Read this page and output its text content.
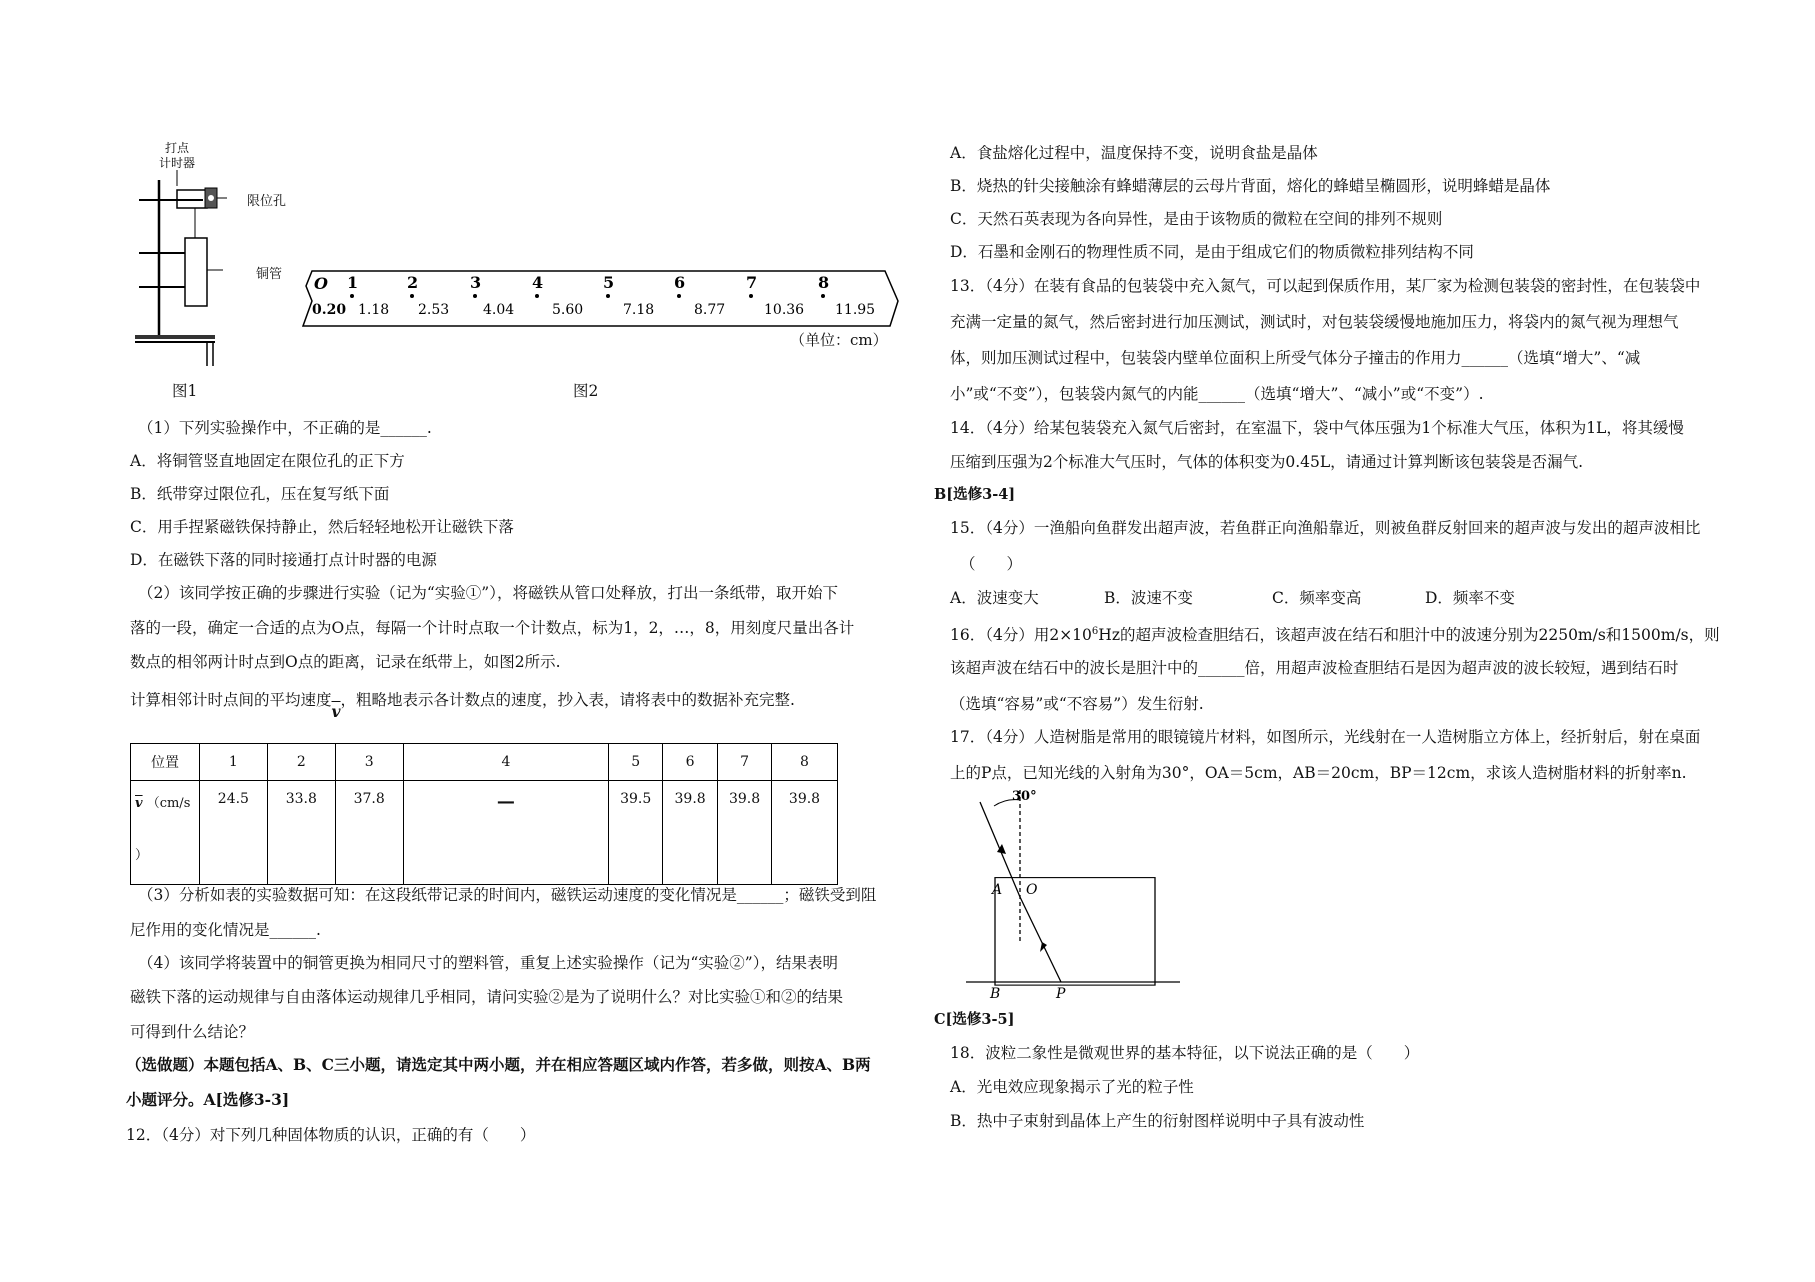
打点
计时器
限位孔
铜管
图1
O 1	2	3	4	5	6	7	8
0.20 1.18 2.53 4.04	5.60	7.18	8.77	10.36 11.95
（单位：cm）
图2
（1）下列实验操作中，不正确的是______.
A．将铜管竖直地固定在限位孔的正下方
B．纸带穿过限位孔，压在复写纸下面
C．用手捏紧磁铁保持静止，然后轻轻地松开让磁铁下落
D．在磁铁下落的同时接通打点计时器的电源
（2）该同学按正确的步骤进行实验（记为“实验①”），将磁铁从管口处释放，打出一条纸带，取开始下
落的一段，确定一合适的点为O点，每隔一个计时点取一个计数点，标为1，2，…，8，用刻度尺量出各计
数点的相邻两计时点到O点的距离，记录在纸带上，如图2所示.
计算相邻计时点间的平均速度$\overline{v}$，粗略地表示各计数点的速度，抄入表，请将表中的数据补充完整.
位置	1	2	3	4	5	6	7	8
$\overline{v}$ （cm/s

）	24.5	33.8	37.8	—	39.5	39.8	39.8	39.8
（3）分析如表的实验数据可知：在这段纸带记录的时间内，磁铁运动速度的变化情况是______；磁铁受到阻
尼作用的变化情况是______.
（4）该同学将装置中的铜管更换为相同尺寸的塑料管，重复上述实验操作（记为“实验②”），结果表明
磁铁下落的运动规律与自由落体运动规律几乎相同，请问实验②是为了说明什么？对比实验①和②的结果
可得到什么结论？
（选做题）本题包括A、B、C三小题，请选定其中两小题，并在相应答题区域内作答，若多做，则按A、B两
小题评分。A[选修3-3]
12．（4分）对下列几种固体物质的认识，正确的有（　　）
A．食盐熔化过程中，温度保持不变，说明食盐是晶体
B．烧热的针尖接触涂有蜂蜡薄层的云母片背面，熔化的蜂蜡呈椭圆形，说明蜂蜡是晶体
C．天然石英表现为各向异性，是由于该物质的微粒在空间的排列不规则
D．石墨和金刚石的物理性质不同，是由于组成它们的物质微粒排列结构不同
13．（4分）在装有食品的包装袋中充入氮气，可以起到保质作用，某厂家为检测包装袋的密封性，在包装袋中
充满一定量的氮气，然后密封进行加压测试，测试时，对包装袋缓慢地施加压力，将袋内的氮气视为理想气
体，则加压测试过程中，包装袋内壁单位面积上所受气体分子撞击的作用力______（选填“增大”、“减
小”或“不变”），包装袋内氮气的内能______（选填“增大”、“减小”或“不变”）.
14．（4分）给某包装袋充入氮气后密封，在室温下，袋中气体压强为1个标准大气压，体积为1L，将其缓慢
压缩到压强为2个标准大气压时，气体的体积变为0.45L，请通过计算判断该包装袋是否漏气.
B[选修3-4]
15．（4分）一渔船向鱼群发出超声波，若鱼群正向渔船靠近，则被鱼群反射回来的超声波与发出的超声波相比
（　　）
A．波速变大	B．波速不变	C．频率变高	D．频率不变
16．（4分）用$2\times 10^6Hz$的超声波检查胆结石，该超声波在结石和胆汁中的波速分别为2250m/s和1500m/s，则
该超声波在结石中的波长是胆汁中的______倍，用超声波检查胆结石是因为超声波的波长较短，遇到结石时
（选填“容易”或“不容易”）发生衍射.
17．（4分）人造树脂是常用的眼镜镜片材料，如图所示，光线射在一人造树脂立方体上，经折射后，射在桌面
上的P点，已知光线的入射角为30°，OA＝5cm，AB＝20cm，BP＝12cm，求该人造树脂材料的折射率n.
30°
A O
B	P
C[选修3-5]
18．波粒二象性是微观世界的基本特征，以下说法正确的是（　　）
A．光电效应现象揭示了光的粒子性
B．热中子束射到晶体上产生的衍射图样说明中子具有波动性
